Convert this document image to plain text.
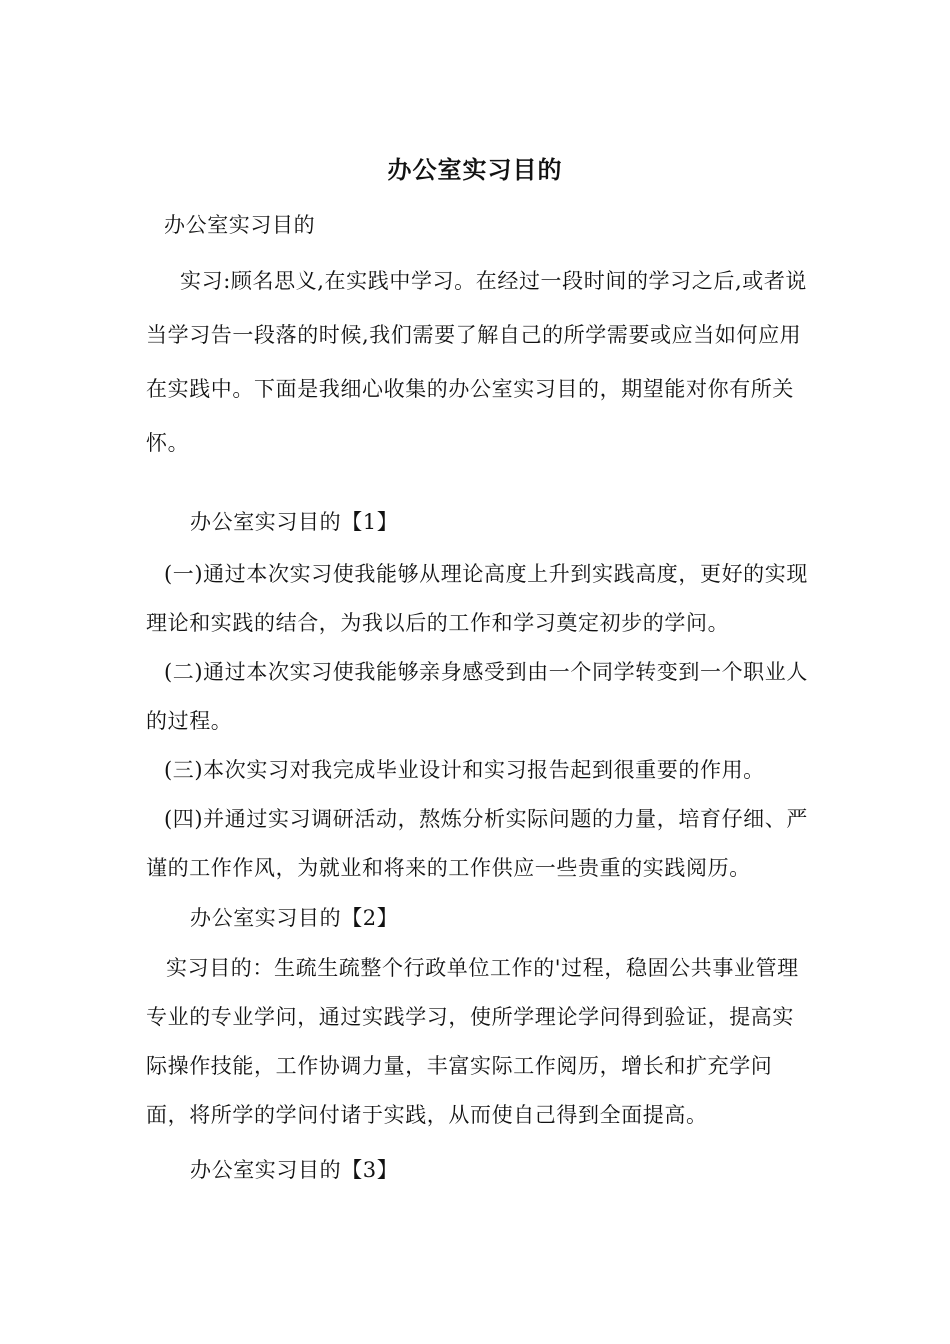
办公室实习目的
办公室实习目的
实习:顾名思义,在实践中学习。在经过一段时间的学习之后,或者说当学习告一段落的时候,我们需要了解自己的所学需要或应当如何应用在实践中。下面是我细心收集的办公室实习目的，期望能对你有所关怀。
办公室实习目的【1】
(一)通过本次实习使我能够从理论高度上升到实践高度，更好的实现理论和实践的结合，为我以后的工作和学习奠定初步的学问。
(二)通过本次实习使我能够亲身感受到由一个同学转变到一个职业人的过程。
(三)本次实习对我完成毕业设计和实习报告起到很重要的作用。
(四)并通过实习调研活动，熬炼分析实际问题的力量，培育仔细、严谨的工作作风，为就业和将来的工作供应一些贵重的实践阅历。
办公室实习目的【2】
实习目的：生疏生疏整个行政单位工作的'过程，稳固公共事业管理专业的专业学问，通过实践学习，使所学理论学问得到验证，提高实际操作技能，工作协调力量，丰富实际工作阅历，增长和扩充学问面，将所学的学问付诸于实践，从而使自己得到全面提高。
办公室实习目的【3】
